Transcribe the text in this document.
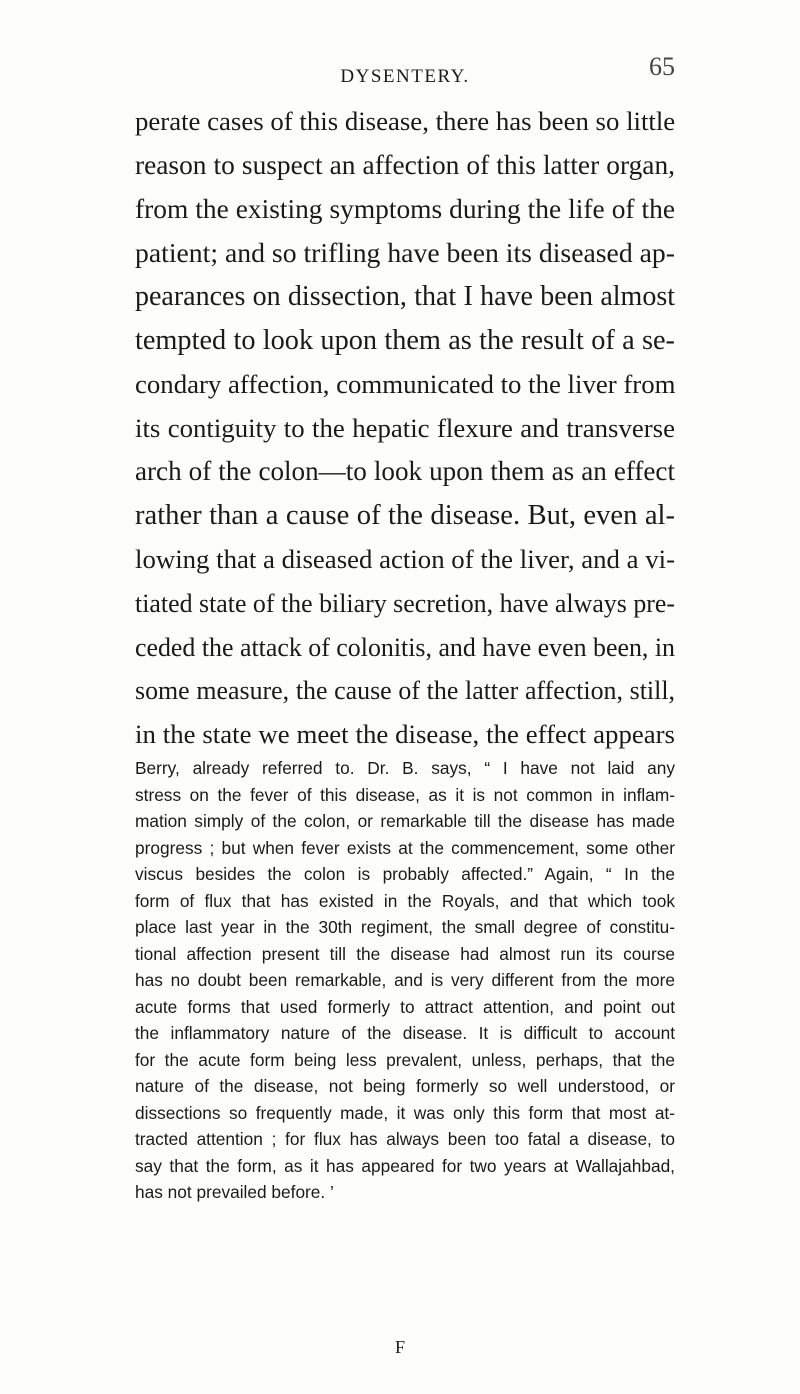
DYSENTERY.	65
perate cases of this disease, there has been so little
reason to suspect an affection of this latter organ,
from the existing symptoms during the life of the
patient; and so trifling have been its diseased ap-
pearances on dissection, that I have been almost
tempted to look upon them as the result of a se-
condary affection, communicated to the liver from
its contiguity to the hepatic flexure and transverse
arch of the colon—to look upon them as an effect
rather than a cause of the disease. But, even al-
lowing that a diseased action of the liver, and a vi-
tiated state of the biliary secretion, have always pre-
ceded the attack of colonitis, and have even been, in
some measure, the cause of the latter affection, still,
in the state we meet the disease, the effect appears
Berry, already referred to. Dr. B. says, “ I have not laid any
stress on the fever of this disease, as it is not common in inflam-
mation simply of the colon, or remarkable till the disease has made
progress ; but when fever exists at the commencement, some other
viscus besides the colon is probably affected.” Again, “ In the
form of flux that has existed in the Royals, and that which took
place last year in the 30th regiment, the small degree of constitu-
tional affection present till the disease had almost run its course
has no doubt been remarkable, and is very different from the more
acute forms that used formerly to attract attention, and point out
the inflammatory nature of the disease. It is difficult to account
for the acute form being less prevalent, unless, perhaps, that the
nature of the disease, not being formerly so well understood, or
dissections so frequently made, it was only this form that most at-
tracted attention ; for flux has always been too fatal a disease, to
say that the form, as it has appeared for two years at Wallajahbad,
has not prevailed before. ’
F
